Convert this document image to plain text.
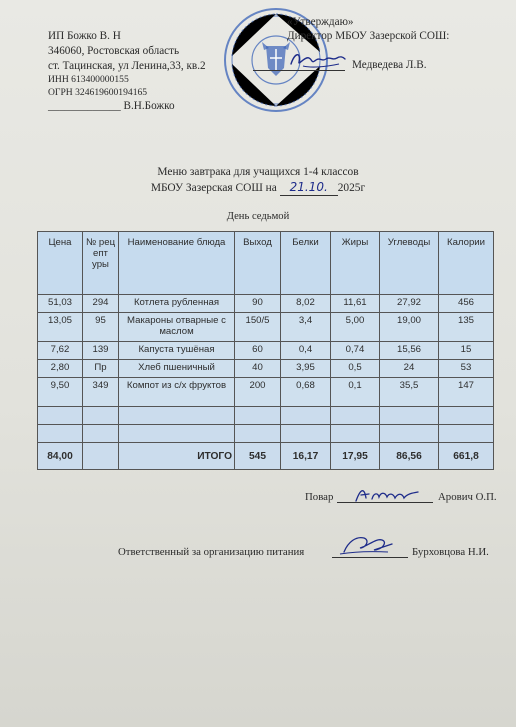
ИП Божко В. Н
346060, Ростовская область
ст. Тацинская, ул Ленина,33, кв.2
ИНН 613400000155
ОГРН 324619600194165
_____________ В.Н.Божко
«Утверждаю»
Директор МБОУ Зазерской СОШ:
Медведева Л.В.
Меню завтрака для учащихся 1-4 классов
МБОУ Зазерская СОШ на 21.10. 2025г
День седьмой
Цена	№ рец епт уры	Наименование блюда	Выход	Белки	Жиры	Углеводы	Калории
51,03	294	Котлета рубленная	90	8,02	11,61	27,92	456
13,05	95	Макароны отварные с маслом	150/5	3,4	5,00	19,00	135
7,62	139	Капуста тушёная	60	0,4	0,74	15,56	15
2,80	Пр	Хлеб пшеничный	40	3,95	0,5	24	53
9,50	349	Компот из с/х фруктов	200	0,68	0,1	35,5	147

84,00		ИТОГО	545	16,17	17,95	86,56	661,8
Повар	Арович О.П.
Ответственный за организацию питания	Бурховцова Н.И.
